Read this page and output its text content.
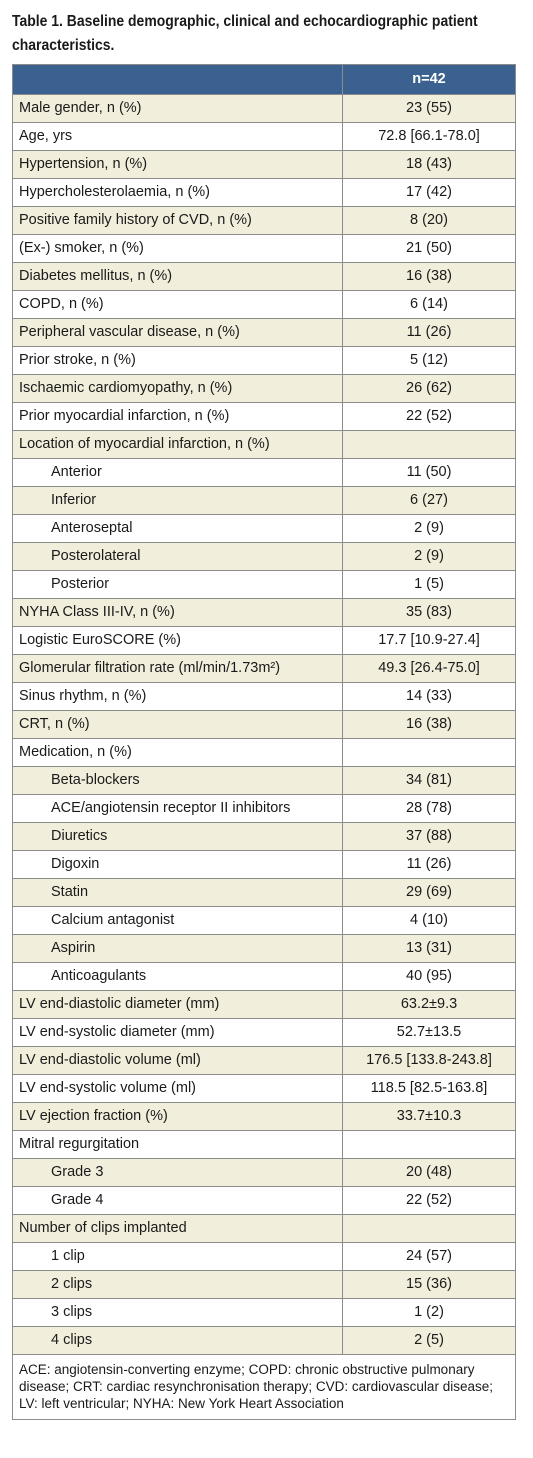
Table 1. Baseline demographic, clinical and echocardiographic patient characteristics.
	n=42
Male gender, n (%)	23 (55)
Age, yrs	72.8 [66.1-78.0]
Hypertension, n (%)	18 (43)
Hypercholesterolaemia, n (%)	17 (42)
Positive family history of CVD, n (%)	8 (20)
(Ex-) smoker, n (%)	21 (50)
Diabetes mellitus, n (%)	16 (38)
COPD, n (%)	6 (14)
Peripheral vascular disease, n (%)	11 (26)
Prior stroke, n (%)	5 (12)
Ischaemic cardiomyopathy, n (%)	26 (62)
Prior myocardial infarction, n (%)	22 (52)
Location of myocardial infarction, n (%)	
Anterior	11 (50)
Inferior	6 (27)
Anteroseptal	2 (9)
Posterolateral	2 (9)
Posterior	1 (5)
NYHA Class III-IV, n (%)	35 (83)
Logistic EuroSCORE (%)	17.7 [10.9-27.4]
Glomerular filtration rate (ml/min/1.73m²)	49.3 [26.4-75.0]
Sinus rhythm, n (%)	14 (33)
CRT, n (%)	16 (38)
Medication, n (%)	
Beta-blockers	34 (81)
ACE/angiotensin receptor II inhibitors	28 (78)
Diuretics	37 (88)
Digoxin	11 (26)
Statin	29 (69)
Calcium antagonist	4 (10)
Aspirin	13 (31)
Anticoagulants	40 (95)
LV end-diastolic diameter (mm)	63.2±9.3
LV end-systolic diameter (mm)	52.7±13.5
LV end-diastolic volume (ml)	176.5 [133.8-243.8]
LV end-systolic volume (ml)	118.5 [82.5-163.8]
LV ejection fraction (%)	33.7±10.3
Mitral regurgitation	
Grade 3	20 (48)
Grade 4	22 (52)
Number of clips implanted	
1 clip	24 (57)
2 clips	15 (36)
3 clips	1 (2)
4 clips	2 (5)
ACE: angiotensin-converting enzyme; COPD: chronic obstructive pulmonary disease; CRT: cardiac resynchronisation therapy; CVD: cardiovascular disease; LV: left ventricular; NYHA: New York Heart Association	
